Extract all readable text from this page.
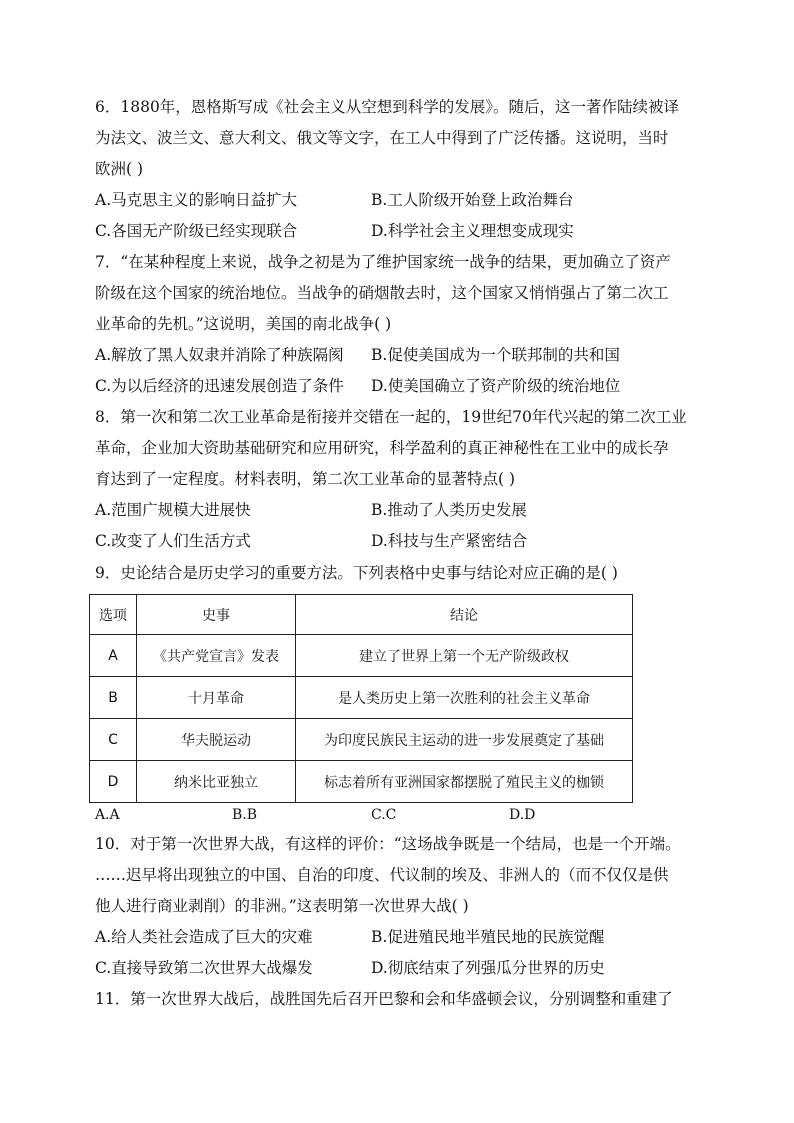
6．1880年，恩格斯写成《社会主义从空想到科学的发展》。随后，这一著作陆续被译

为法文、波兰文、意大利文、俄文等文字，在工人中得到了广泛传播。这说明，当时

欧洲( )

A.马克思主义的影响日益扩大	B.工人阶级开始登上政治舞台
C.各国无产阶级已经实现联合	D.科学社会主义理想变成现实

7．“在某种程度上来说，战争之初是为了维护国家统一战争的结果，更加确立了资产

阶级在这个国家的统治地位。当战争的硝烟散去时，这个国家又悄悄强占了第二次工

业革命的先机。”这说明，美国的南北战争( )

A.解放了黑人奴隶并消除了种族隔阂	B.促使美国成为一个联邦制的共和国
C.为以后经济的迅速发展创造了条件	D.使美国确立了资产阶级的统治地位

8．第一次和第二次工业革命是衔接并交错在一起的，19世纪70年代兴起的第二次工业

革命，企业加大资助基础研究和应用研究，科学盈利的真正神秘性在工业中的成长孕

育达到了一定程度。材料表明，第二次工业革命的显著特点( )

A.范围广规模大进展快	B.推动了人类历史发展
C.改变了人们生活方式	D.科技与生产紧密结合

9．史论结合是历史学习的重要方法。下列表格中史事与结论对应正确的是( )

选项	史事	结论
A	《共产党宣言》发表	建立了世界上第一个无产阶级政权
B	十月革命	是人类历史上第一次胜利的社会主义革命
C	华夫脱运动	为印度民族民主运动的进一步发展奠定了基础
D	纳米比亚独立	标志着所有亚洲国家都摆脱了殖民主义的枷锁
A.A	B.B	C.C	D.D

10．对于第一次世界大战，有这样的评价：“这场战争既是一个结局，也是一个开端。

……迟早将出现独立的中国、自治的印度、代议制的埃及、非洲人的（而不仅仅是供

他人进行商业剥削）的非洲。”这表明第一次世界大战( )

A.给人类社会造成了巨大的灾难	B.促进殖民地半殖民地的民族觉醒
C.直接导致第二次世界大战爆发	D.彻底结束了列强瓜分世界的历史

11．第一次世界大战后，战胜国先后召开巴黎和会和华盛顿会议，分别调整和重建了
